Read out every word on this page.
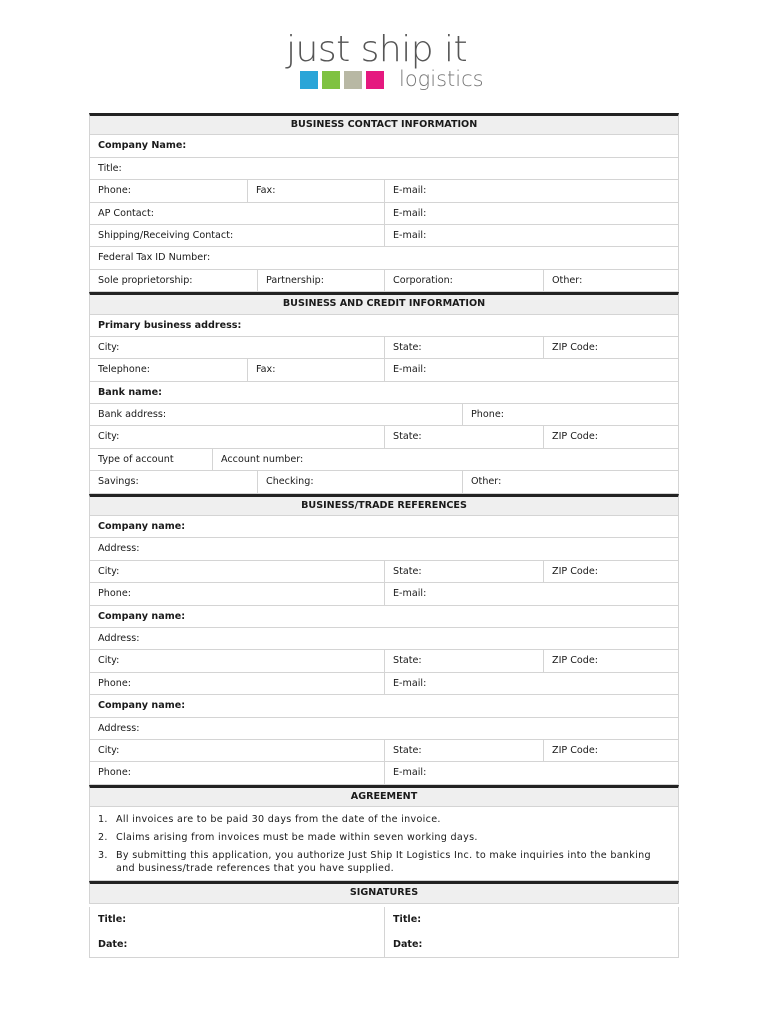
just ship it
logistics
BUSINESS CONTACT INFORMATION
Company Name:
Title:
Phone:	Fax:	E-mail:
AP Contact:	E-mail:
Shipping/Receiving Contact:	E-mail:
Federal Tax ID Number:
Sole proprietorship:	Partnership:	Corporation:	Other:
BUSINESS AND CREDIT INFORMATION
Primary business address:
City:	State:	ZIP Code:
Telephone:	Fax:	E-mail:
Bank name:
Bank address:	Phone:
City:	State:	ZIP Code:
Type of account	Account number:
Savings:	Checking:	Other:
BUSINESS/TRADE REFERENCES
Company name:
Address:
City:	State:	ZIP Code:
Phone:	E-mail:
Company name:
Address:
City:	State:	ZIP Code:
Phone:	E-mail:
Company name:
Address:
City:	State:	ZIP Code:
Phone:	E-mail:
AGREEMENT
1. All invoices are to be paid 30 days from the date of the invoice.
2. Claims arising from invoices must be made within seven working days.
3. By submitting this application, you authorize Just Ship It Logistics Inc. to make inquiries into the banking and business/trade references that you have supplied.
SIGNATURES
Title:	Title:
Date:	Date:
